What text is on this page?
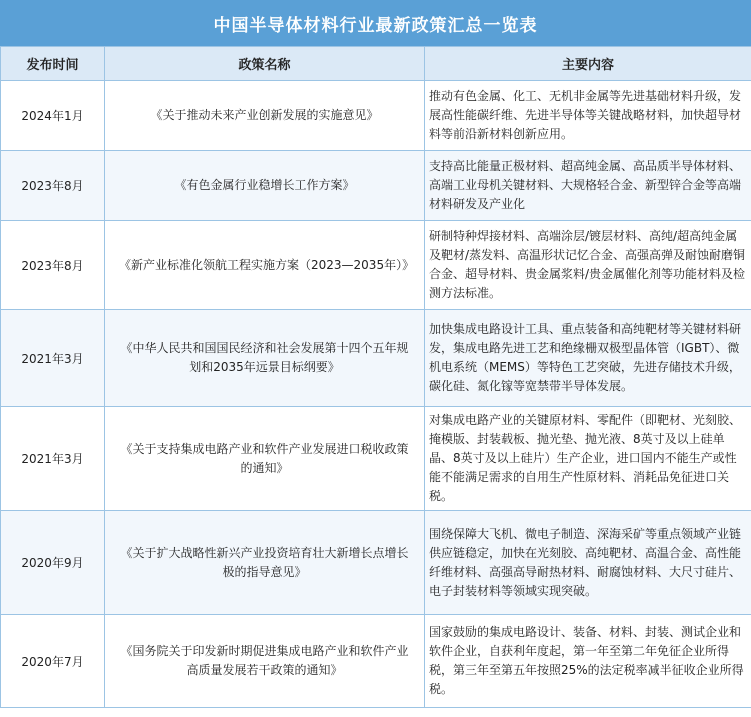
中国半导体材料行业最新政策汇总一览表
发布时间	政策名称	主要内容
2024年1月	《关于推动未来产业创新发展的实施意见》	推动有色金属、化工、无机非金属等先进基础材料升级，发展高性能碳纤维、先进半导体等关键战略材料，加快超导材料等前沿新材料创新应用。
2023年8月	《有色金属行业稳增长工作方案》	支持高比能量正极材料、超高纯金属、高品质半导体材料、高端工业母机关键材料、大规格轻合金、新型锌合金等高端材料研发及产业化
2023年8月	《新产业标准化领航工程实施方案（2023—2035年）》	研制特种焊接材料、高端涂层/镀层材料、高纯/超高纯金属及靶材/蒸发料、高温形状记忆合金、高强高弹及耐蚀耐磨铜合金、超导材料、贵金属浆料/贵金属催化剂等功能材料及检测方法标准。
2021年3月	《中华人民共和国国民经济和社会发展第十四个五年规划和2035年远景目标纲要》	加快集成电路设计工具、重点装备和高纯靶材等关键材料研发，集成电路先进工艺和绝缘栅双极型晶体管（IGBT）、微机电系统（MEMS）等特色工艺突破，先进存储技术升级，碳化硅、氮化镓等宽禁带半导体发展。
2021年3月	《关于支持集成电路产业和软件产业发展进口税收政策的通知》	对集成电路产业的关键原材料、零配件（即靶材、光刻胶、掩模版、封装载板、抛光垫、抛光液、8英寸及以上硅单晶、8英寸及以上硅片）生产企业，进口国内不能生产或性能不能满足需求的自用生产性原材料、消耗品免征进口关税。
2020年9月	《关于扩大战略性新兴产业投资培育壮大新增长点增长极的指导意见》	围绕保障大飞机、微电子制造、深海采矿等重点领域产业链供应链稳定，加快在光刻胶、高纯靶材、高温合金、高性能纤维材料、高强高导耐热材料、耐腐蚀材料、大尺寸硅片、电子封装材料等领域实现突破。
2020年7月	《国务院关于印发新时期促进集成电路产业和软件产业高质量发展若干政策的通知》	国家鼓励的集成电路设计、装备、材料、封装、测试企业和软件企业，自获利年度起，第一年至第二年免征企业所得税，第三年至第五年按照25%的法定税率减半征收企业所得税。
